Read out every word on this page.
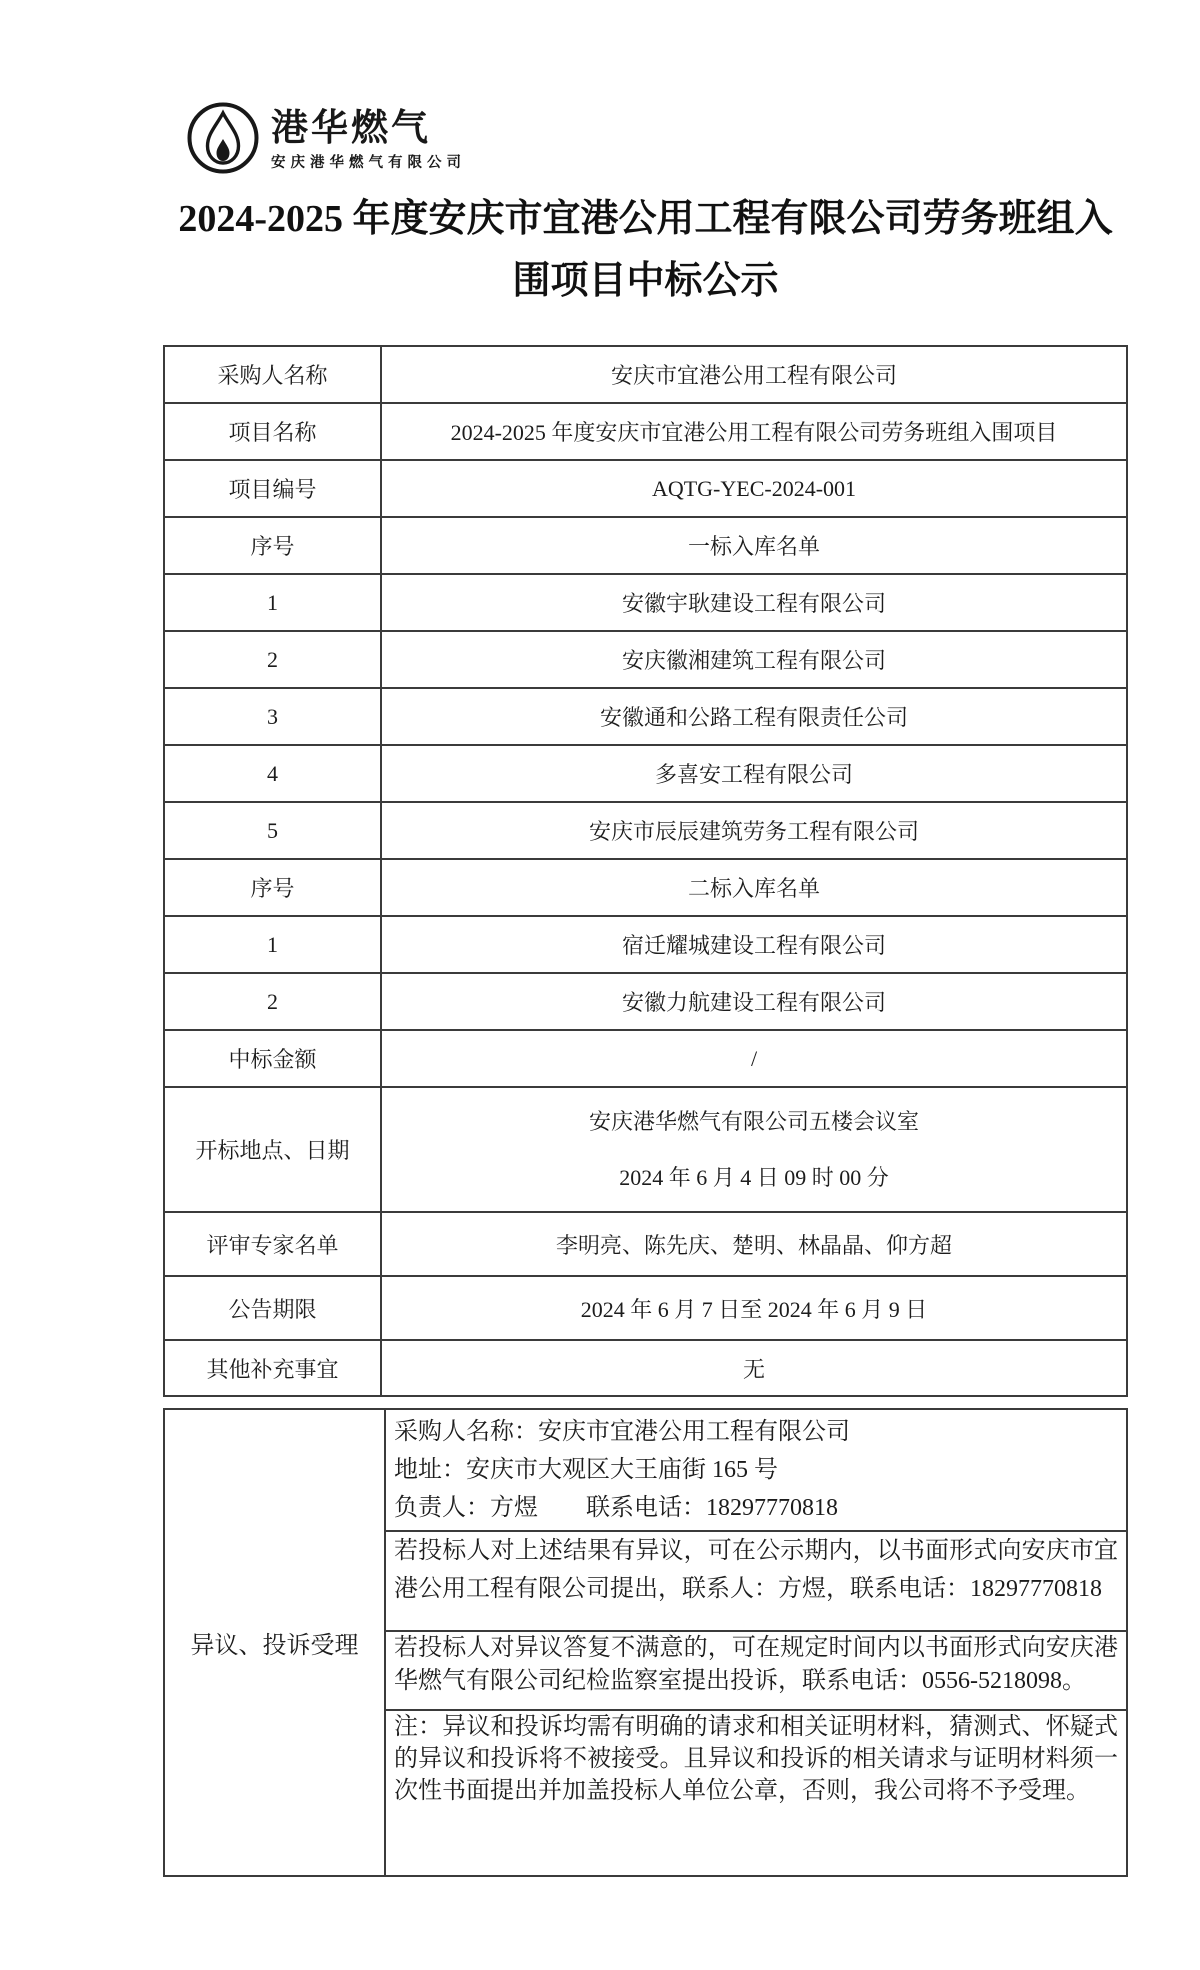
港华燃气
安庆港华燃气有限公司
2024-2025 年度安庆市宜港公用工程有限公司劳务班组入
围项目中标公示
采购人名称	安庆市宜港公用工程有限公司
项目名称	2024-2025 年度安庆市宜港公用工程有限公司劳务班组入围项目
项目编号	AQTG-YEC-2024-001
序号	一标入库名单
1	安徽宇耿建设工程有限公司
2	安庆徽湘建筑工程有限公司
3	安徽通和公路工程有限责任公司
4	多喜安工程有限公司
5	安庆市辰辰建筑劳务工程有限公司
序号	二标入库名单
1	宿迁耀城建设工程有限公司
2	安徽力航建设工程有限公司
中标金额	/
开标地点、日期	安庆港华燃气有限公司五楼会议室
2024 年 6 月 4 日 09 时 00 分

评审专家名单	李明亮、陈先庆、楚明、林晶晶、仰方超
公告期限	2024 年 6 月 7 日至 2024 年 6 月 9 日
其他补充事宜	无
异议、投诉受理	
采购人名称：安庆市宜港公用工程有限公司
地址：安庆市大观区大王庙街 165 号
负责人：方煜　　联系电话：18297770818

若投标人对上述结果有异议，可在公示期内，以书面形式向安庆市宜港公用工程有限公司提出，联系人：方煜，联系电话：18297770818
若投标人对异议答复不满意的，可在规定时间内以书面形式向安庆港华燃气有限公司纪检监察室提出投诉，联系电话：0556-5218098。
注：异议和投诉均需有明确的请求和相关证明材料，猜测式、怀疑式的异议和投诉将不被接受。且异议和投诉的相关请求与证明材料须一次性书面提出并加盖投标人单位公章，否则，我公司将不予受理。
